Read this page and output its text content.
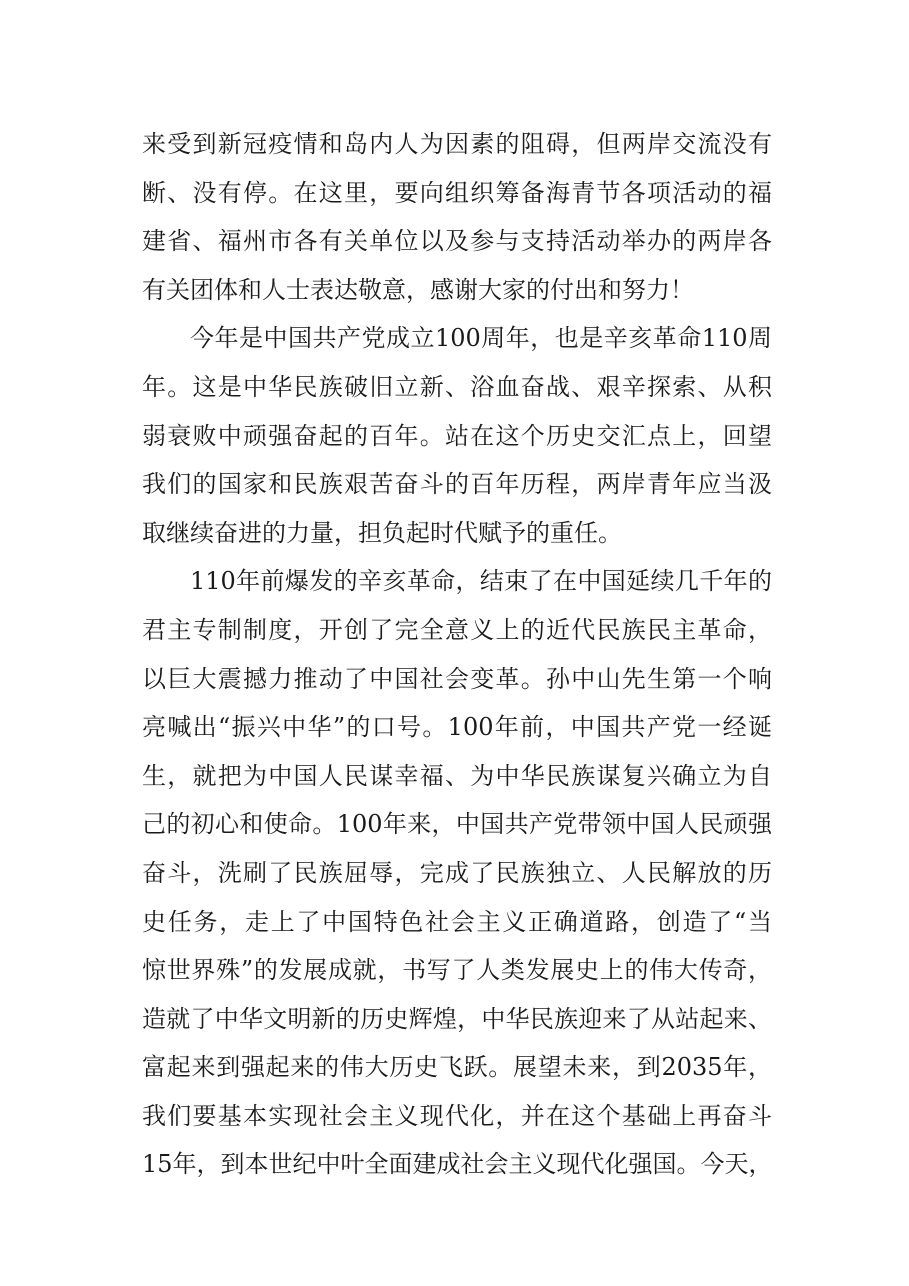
来受到新冠疫情和岛内人为因素的阻碍，但两岸交流没有
断、没有停。在这里，要向组织筹备海青节各项活动的福
建省、福州市各有关单位以及参与支持活动举办的两岸各
有关团体和人士表达敬意，感谢大家的付出和努力！
今年是中国共产党成立100周年，也是辛亥革命110周
年。这是中华民族破旧立新、浴血奋战、艰辛探索、从积
弱衰败中顽强奋起的百年。站在这个历史交汇点上，回望
我们的国家和民族艰苦奋斗的百年历程，两岸青年应当汲
取继续奋进的力量，担负起时代赋予的重任。
110年前爆发的辛亥革命，结束了在中国延续几千年的
君主专制制度，开创了完全意义上的近代民族民主革命，
以巨大震撼力推动了中国社会变革。孙中山先生第一个响
亮喊出“振兴中华”的口号。100年前，中国共产党一经诞
生，就把为中国人民谋幸福、为中华民族谋复兴确立为自
己的初心和使命。100年来，中国共产党带领中国人民顽强
奋斗，洗刷了民族屈辱，完成了民族独立、人民解放的历
史任务，走上了中国特色社会主义正确道路，创造了“当
惊世界殊”的发展成就，书写了人类发展史上的伟大传奇，
造就了中华文明新的历史辉煌，中华民族迎来了从站起来、
富起来到强起来的伟大历史飞跃。展望未来，到2035年，
我们要基本实现社会主义现代化，并在这个基础上再奋斗
15年，到本世纪中叶全面建成社会主义现代化强国。今天，
